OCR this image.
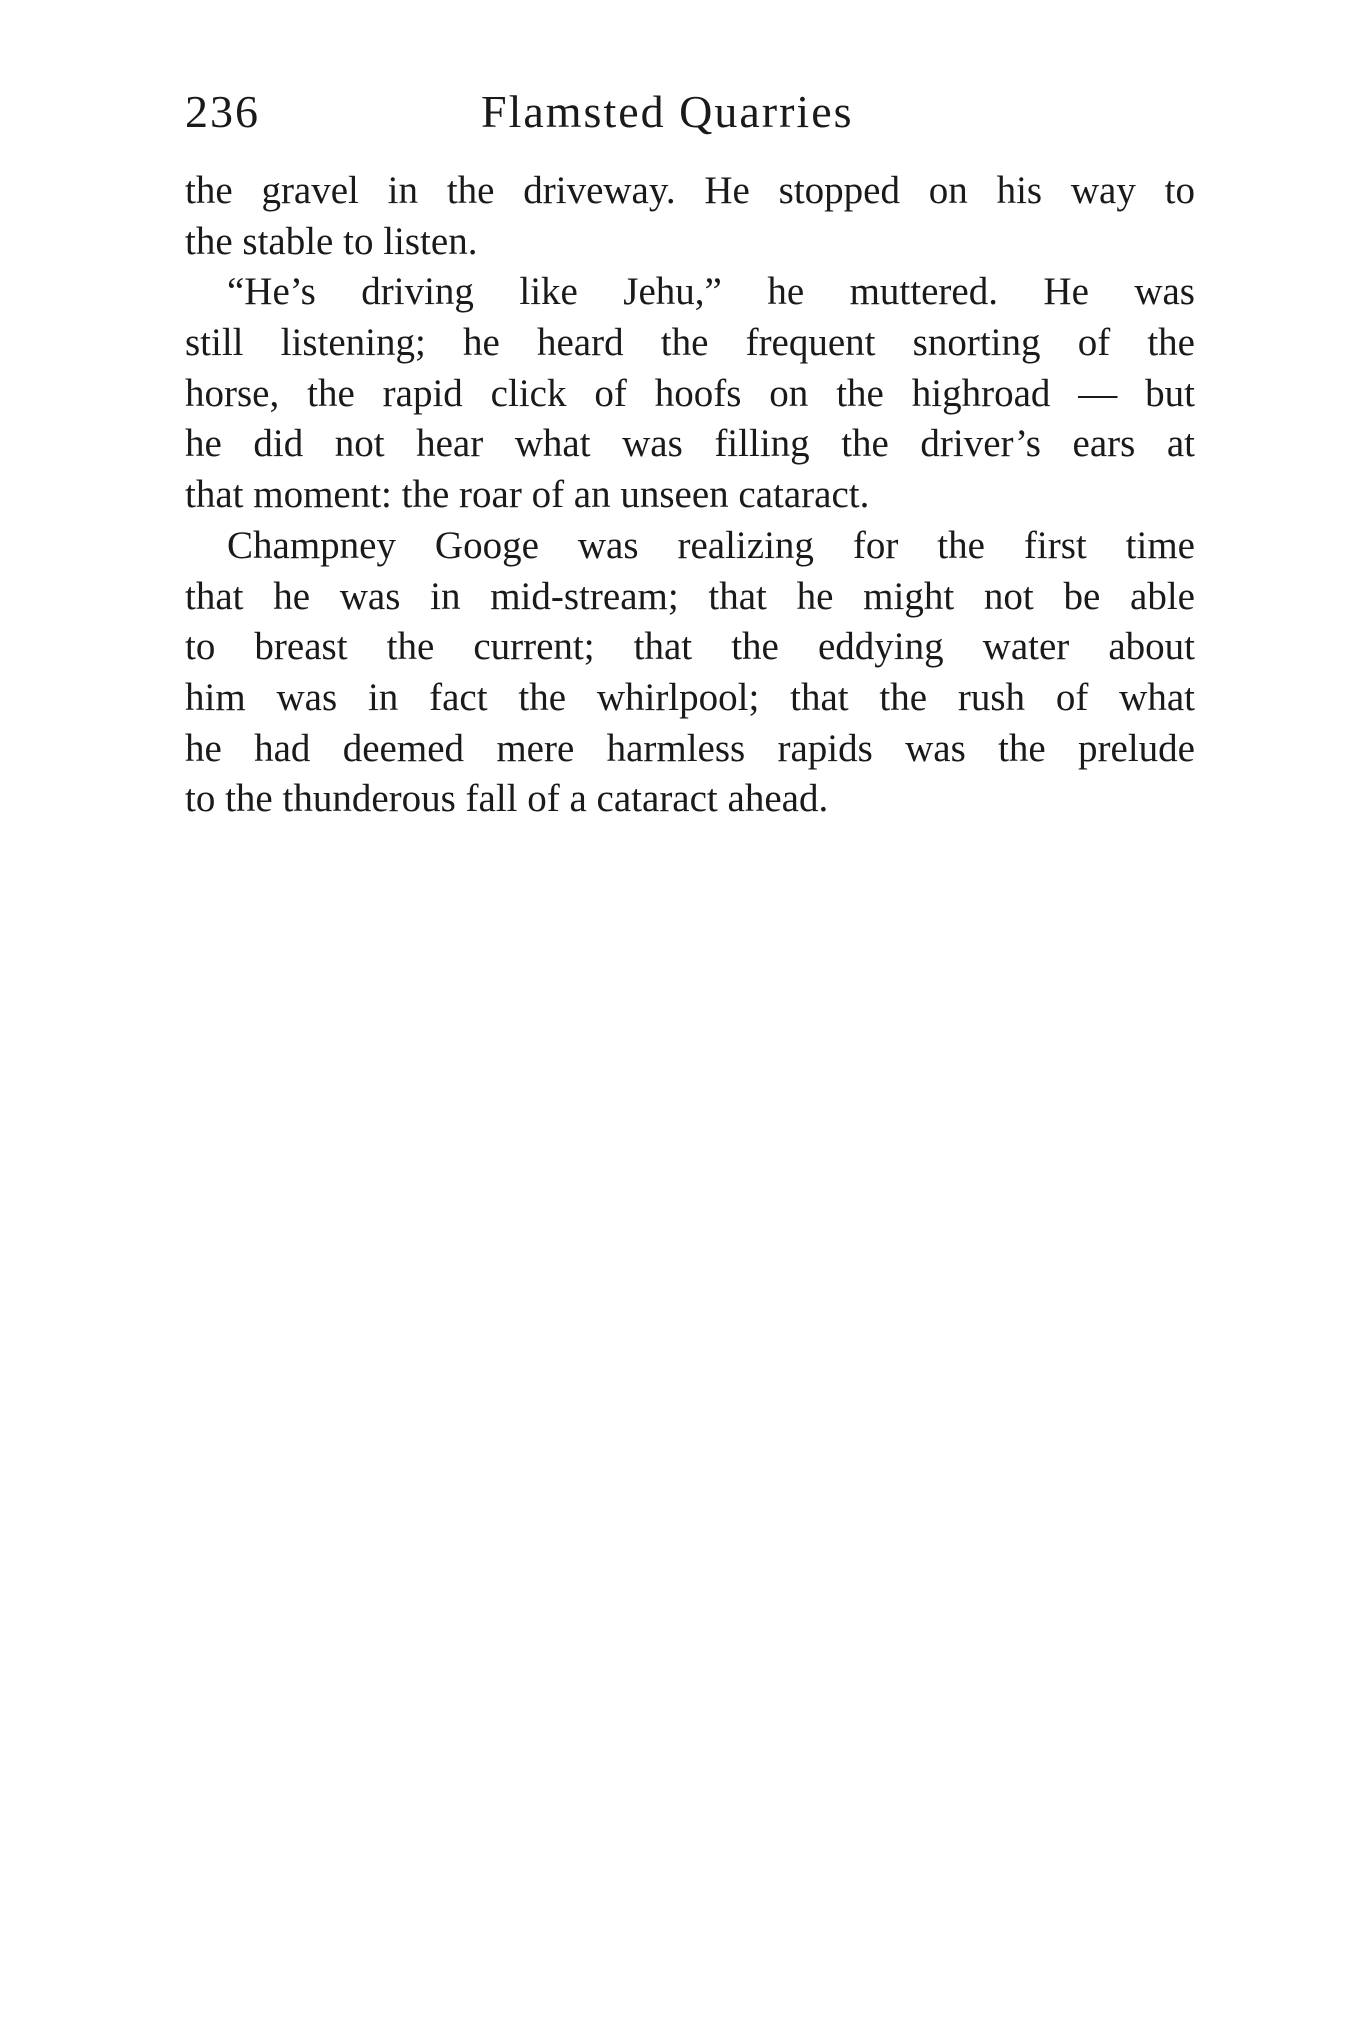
236	Flamsted Quarries

the gravel in the driveway. He stopped on his way to
the stable to listen.

“He’s driving like Jehu,” he muttered. He was
still listening; he heard the frequent snorting of the
horse, the rapid click of hoofs on the highroad — but
he did not hear what was filling the driver’s ears at
that moment: the roar of an unseen cataract.

Champney Googe was realizing for the first time
that he was in mid-stream; that he might not be able
to breast the current; that the eddying water about
him was in fact the whirlpool; that the rush of what
he had deemed mere harmless rapids was the prelude
to the thunderous fall of a cataract ahead.
